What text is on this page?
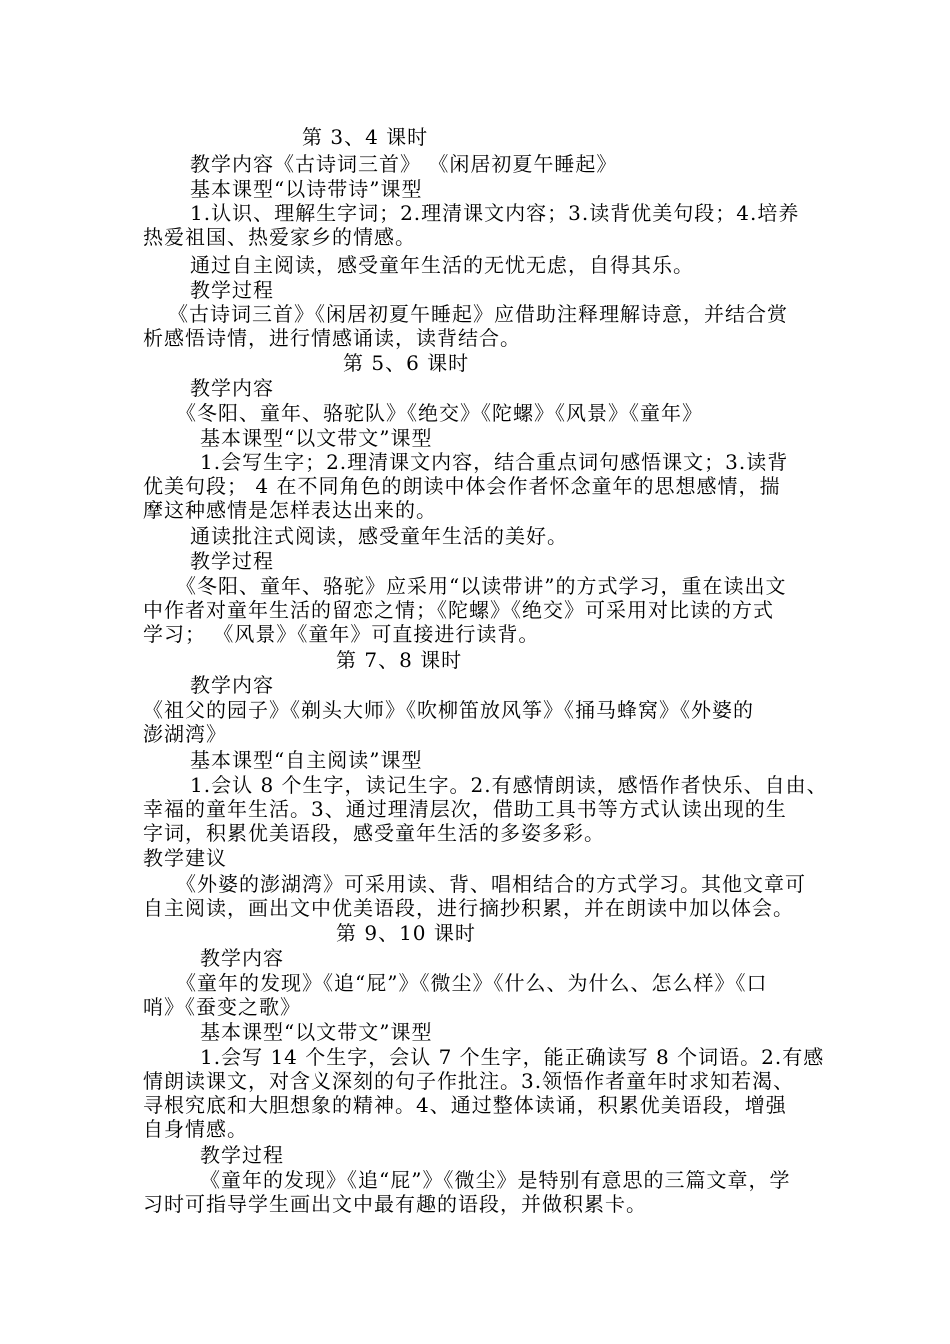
第 3、4 课时
教学内容《古诗词三首》 《闲居初夏午睡起》
基本课型“以诗带诗”课型
1.认识、理解生字词；2.理清课文内容；3.读背优美句段；4.培养
热爱祖国、热爱家乡的情感。
通过自主阅读，感受童年生活的无忧无虑，自得其乐。
教学过程
《古诗词三首》《闲居初夏午睡起》应借助注释理解诗意，并结合赏
析感悟诗情，进行情感诵读，读背结合。
第 5、6 课时
教学内容
《冬阳、童年、骆驼队》《绝交》《陀螺》《风景》《童年》
基本课型“以文带文”课型
1.会写生字；2.理清课文内容，结合重点词句感悟课文；3.读背
优美句段； 4 在不同角色的朗读中体会作者怀念童年的思想感情，揣
摩这种感情是怎样表达出来的。
通读批注式阅读，感受童年生活的美好。
教学过程
《冬阳、童年、骆驼》应采用“以读带讲”的方式学习，重在读出文
中作者对童年生活的留恋之情；《陀螺》《绝交》可采用对比读的方式
学习； 《风景》《童年》可直接进行读背。
第 7、8 课时
教学内容
《祖父的园子》《剃头大师》《吹柳笛放风筝》《捅马蜂窝》《外婆的
澎湖湾》
基本课型“自主阅读”课型
1.会认 8 个生字，读记生字。2.有感情朗读，感悟作者快乐、自由、
幸福的童年生活。3、通过理清层次，借助工具书等方式认读出现的生
字词，积累优美语段，感受童年生活的多姿多彩。
教学建议
《外婆的澎湖湾》可采用读、背、唱相结合的方式学习。其他文章可
自主阅读，画出文中优美语段，进行摘抄积累，并在朗读中加以体会。
第 9、10 课时
教学内容
《童年的发现》《追“屁”》《微尘》《什么、为什么、怎么样》《口
哨》《蚕变之歌》
基本课型“以文带文”课型
1.会写 14 个生字，会认 7 个生字，能正确读写 8 个词语。2.有感
情朗读课文，对含义深刻的句子作批注。3.领悟作者童年时求知若渴、
寻根究底和大胆想象的精神。4、通过整体读诵，积累优美语段，增强
自身情感。
教学过程
《童年的发现》《追“屁”》《微尘》是特别有意思的三篇文章，学
习时可指导学生画出文中最有趣的语段，并做积累卡。
